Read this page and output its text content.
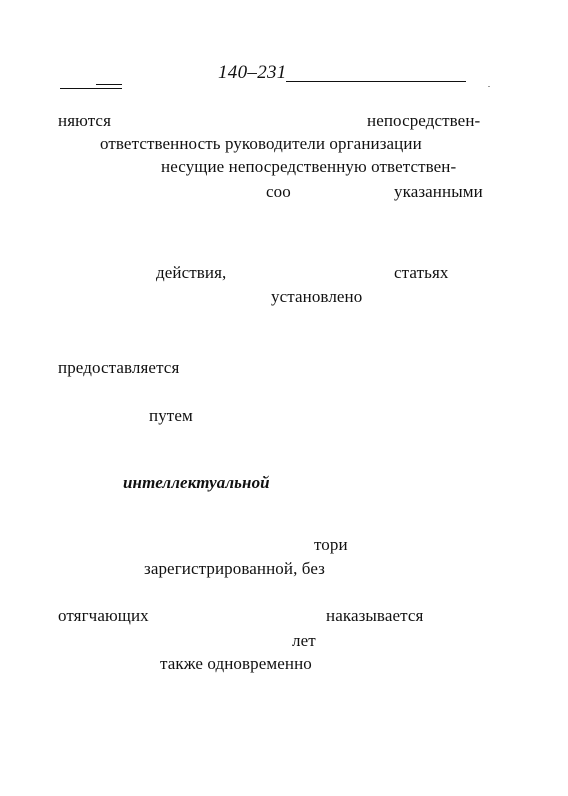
140–231
няются	непосредствен-
ответственность руководители организации
несущие непосредственную ответствен-
соо	указанными
действия,	статьях
установлено
предоставляется
путем
интеллектуальной
тори
зарегистрированной, без
отягчающих	наказывается
лет
также одновременно
